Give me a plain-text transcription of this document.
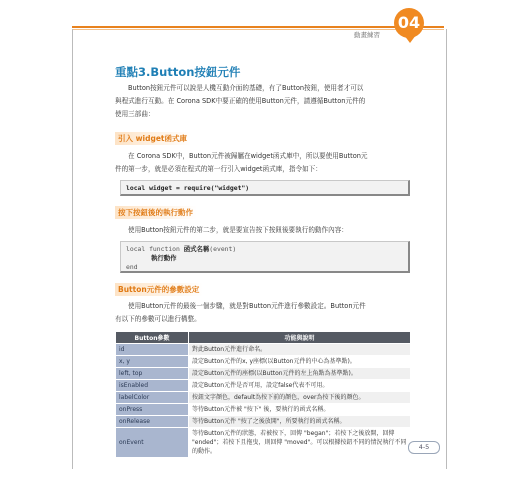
動畫練習
04
重點3.Button按鈕元件
Button按鈕元件可以說是人機互動介面的基礎，有了Button按鈕，使用者才可以
與程式進行互動。在 Corona SDK中要正確的使用Button元件，請遵循Button元件的
使用三部曲：
引入 widget函式庫
在 Corona SDK中，Button元件被歸屬在widget函式庫中，所以要使用Button元
件的第一步，就是必須在程式的第一行引入widget函式庫，指令如下：
local widget = require("widget")
按下按鈕後的執行動作
使用Button按鈕元件的第二步，就是要宣告按下按鈕後要執行的動作內容：
local function 函式名稱(event)
執行動作
end
Button元件的參數設定
使用Button元件的最後一個步驟，就是對Button元件進行參數設定。Button元件
有以下的參數可以進行構整。
Button參數	功能與說明
id	對此Button元件進行命名。
x, y	設定Button元件的x, y座標(以Button元件的中心為基準點)。
left, top	設定Button元件的座標(以Button元件的左上角點為基準點)。
isEnabled	設定Button元件是否可用，設定false代表不可用。
labelColor	按鈕文字顏色，default為按下前的顏色，over為按下後的顏色。
onPress	等待Button元件被 "按下" 後，要執行的函式名稱。
onRelease	等待Button元件 "按了之後放開"，所要執行的函式名稱。
onEvent	等待Button元件的狀態，若被按下，回傳 "began"；若按下之後放開，回傳 "ended"；若按下且拖曳，則回傳 "moved"。可以根據按鈕不同的情況執行不同的動作。
4-5
